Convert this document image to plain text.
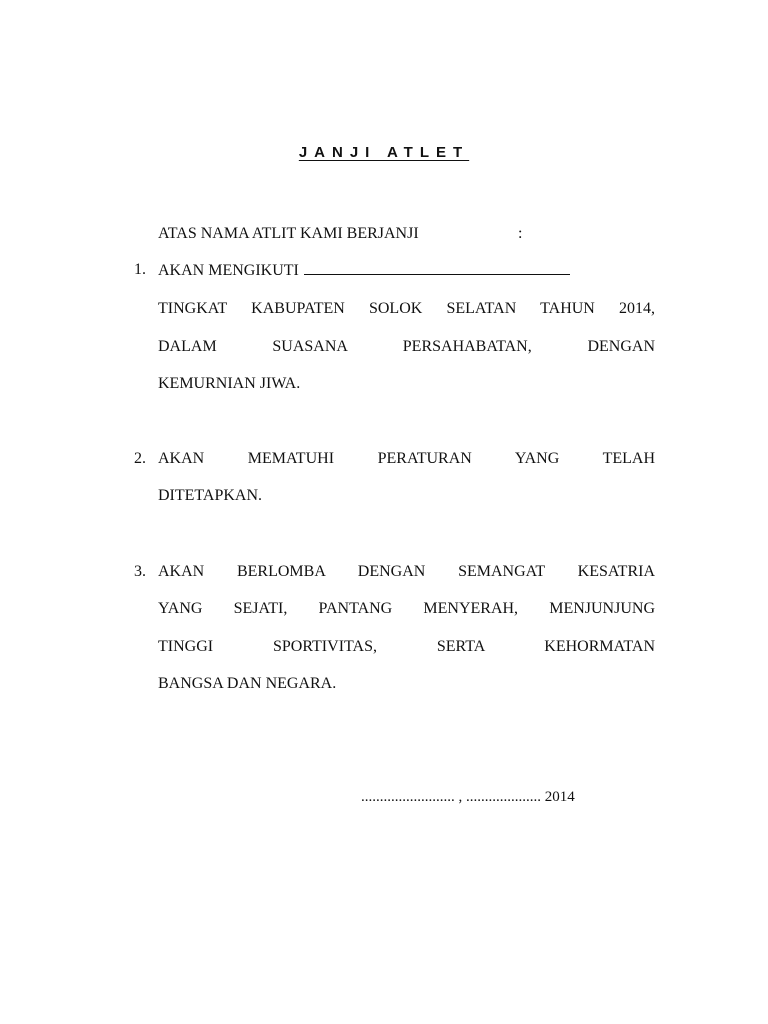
JANJI ATLET
ATAS NAMA ATLIT KAMI BERJANJI	:
1. AKAN MENGIKUTI
TINGKAT KABUPATEN SOLOK SELATAN TAHUN 2014,
DALAM SUASANA PERSAHABATAN, DENGAN
KEMURNIAN JIWA.
2. AKAN MEMATUHI PERATURAN YANG TELAH
DITETAPKAN.
3. AKAN BERLOMBA DENGAN SEMANGAT KESATRIA
YANG SEJATI, PANTANG MENYERAH, MENJUNJUNG
TINGGI SPORTIVITAS, SERTA KEHORMATAN
BANGSA DAN NEGARA.
......................... , .................... 2014
